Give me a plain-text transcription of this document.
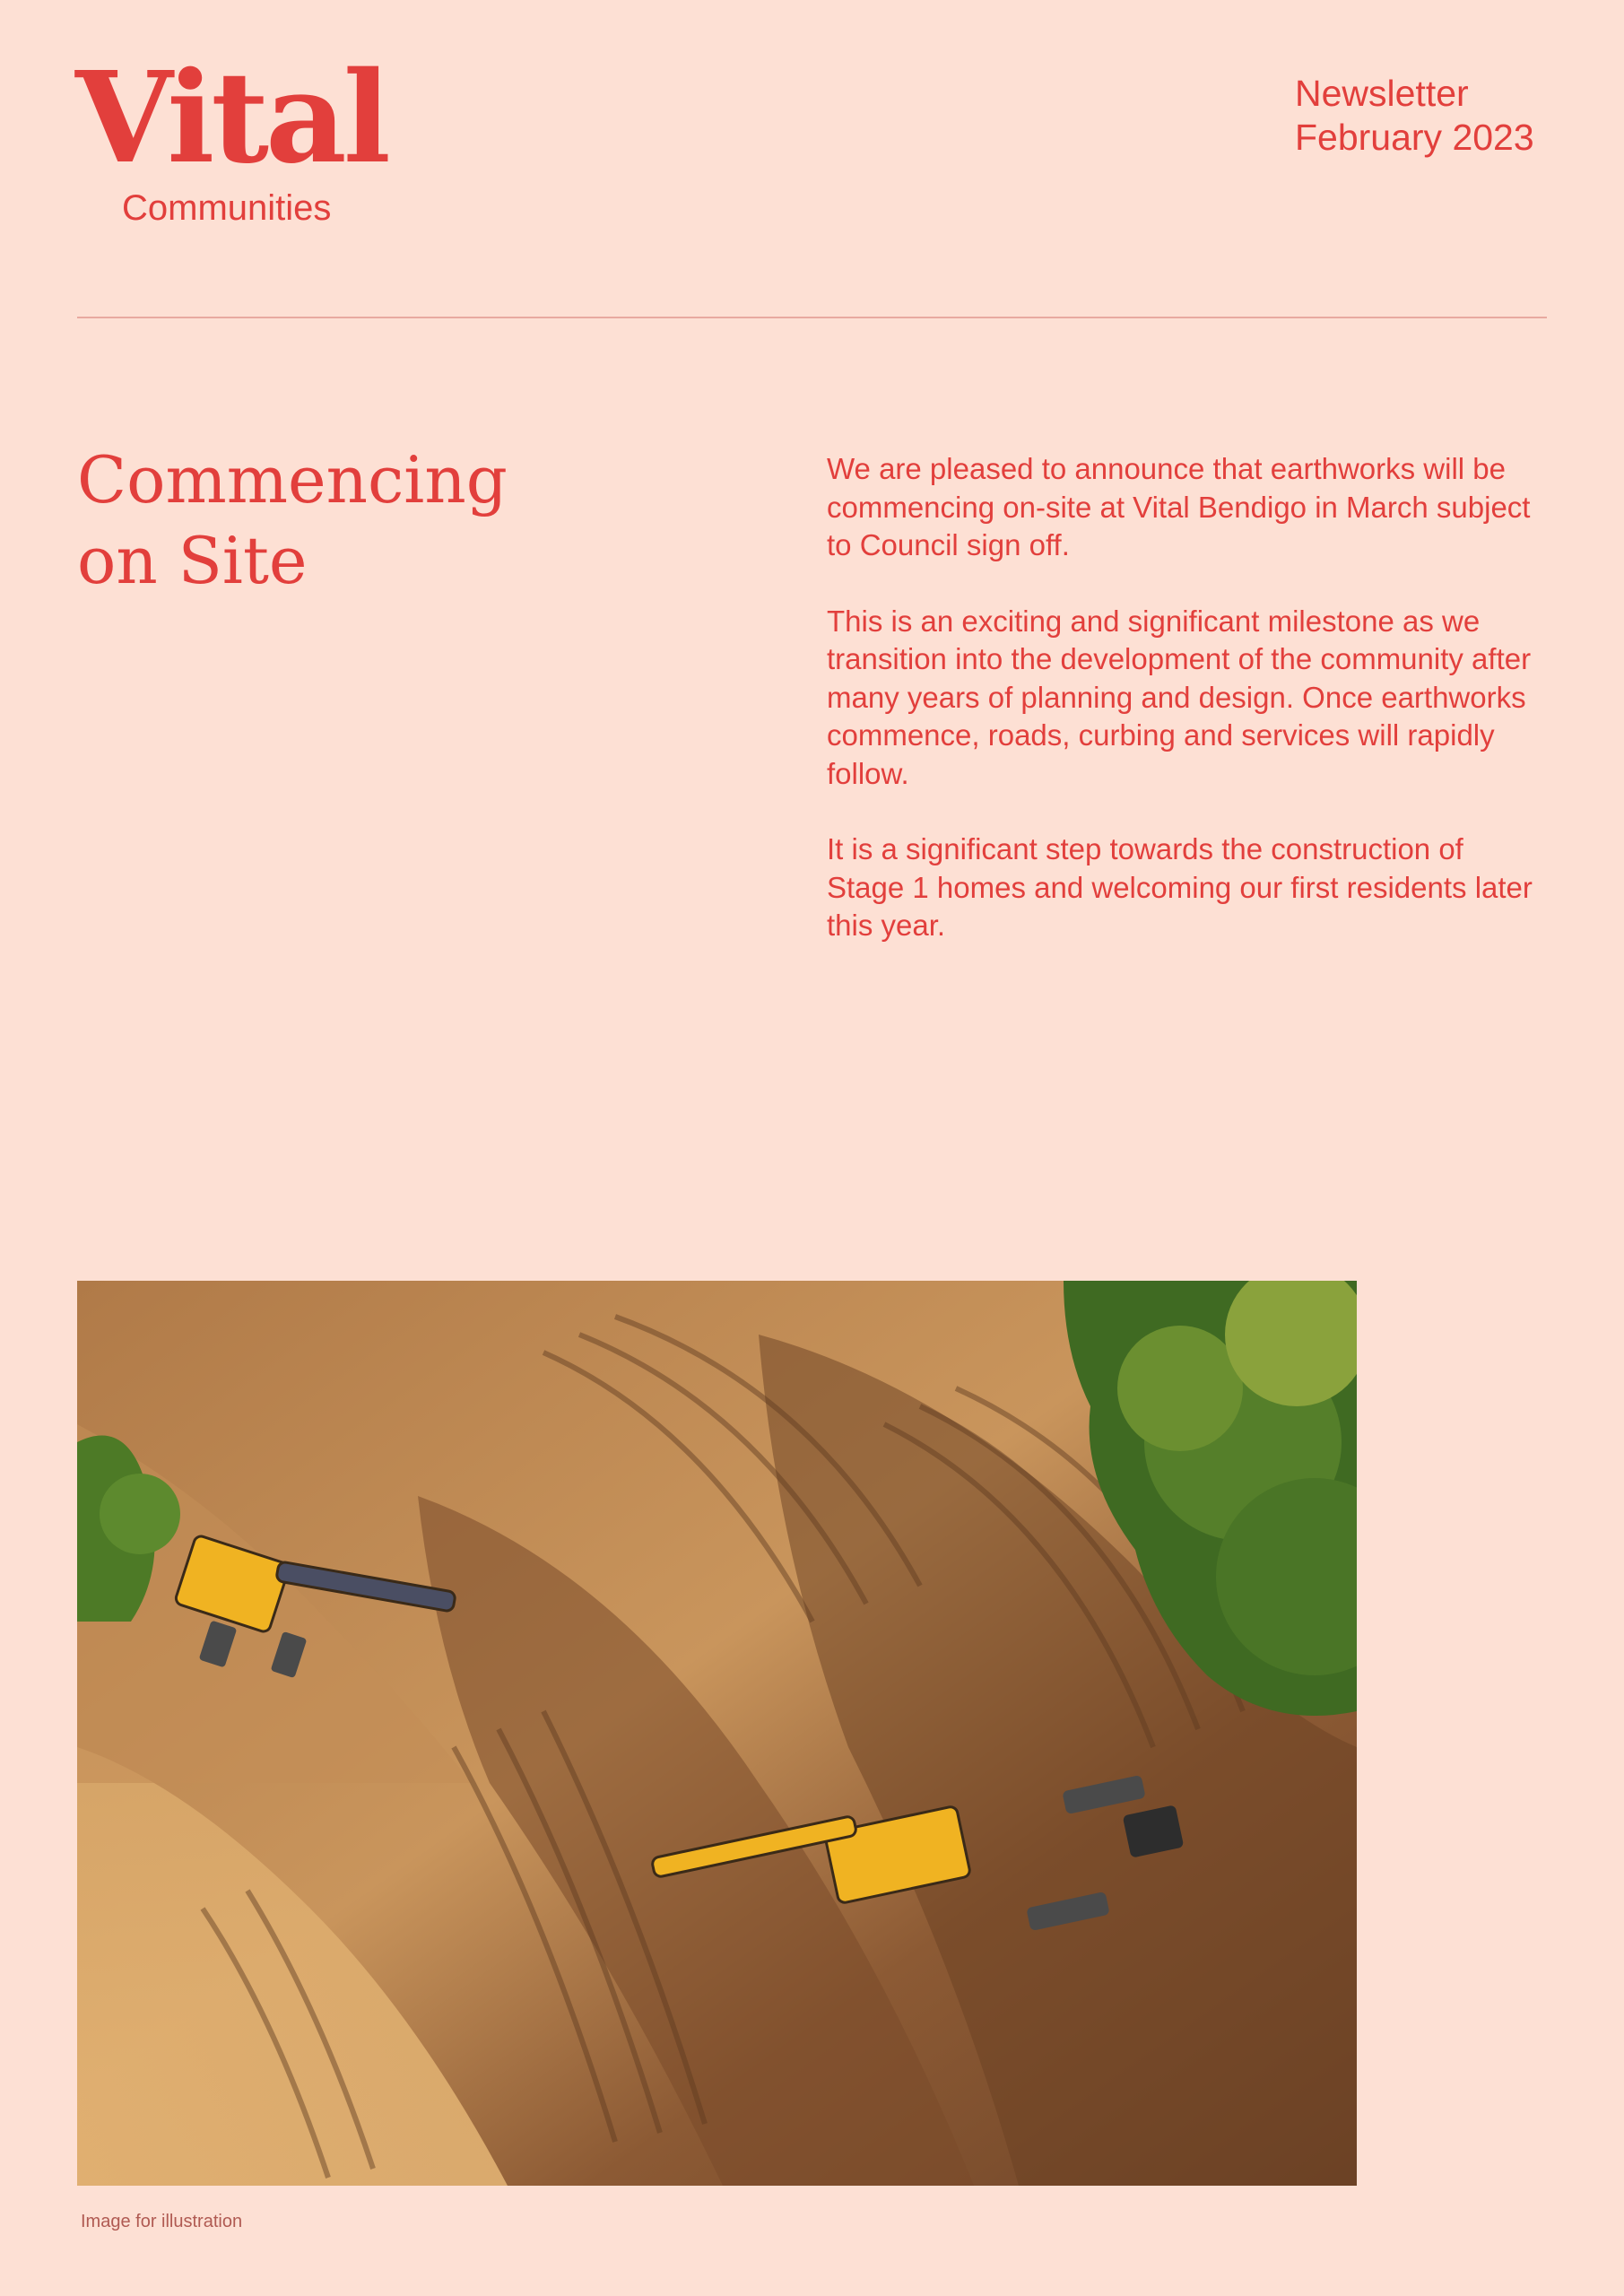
Vital
Communities
Newsletter
February 2023
Commencing
on Site

We are pleased to announce that earthworks will be commencing on-site at Vital Bendigo in March subject to Council sign off.

This is an exciting and significant milestone as we transition into the development of the community after many years of planning and design. Once earthworks commence, roads, curbing and services will rapidly follow.

It is a significant step towards the construction of Stage 1 homes and welcoming our first residents later this year.

Image for illustration
